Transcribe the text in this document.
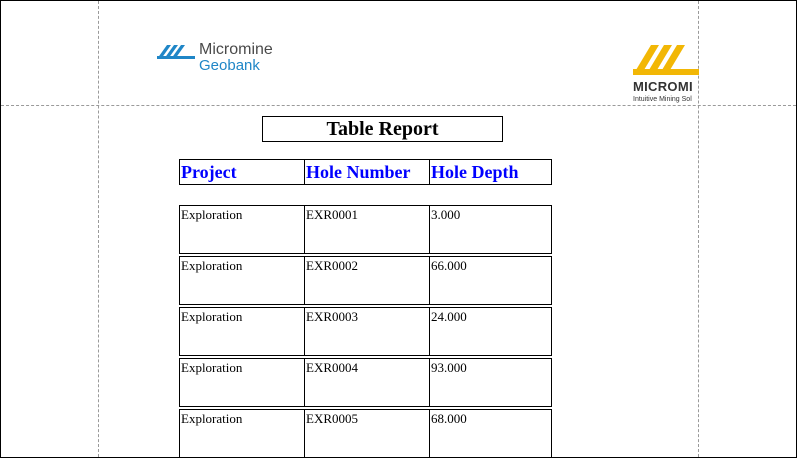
Micromine
Geobank
MICROMI
Intuitive Mining Sol
Table Report
Project	Hole Number	Hole Depth
Exploration	EXR0001	3.000
Exploration	EXR0002	66.000
Exploration	EXR0003	24.000
Exploration	EXR0004	93.000
Exploration	EXR0005	68.000
